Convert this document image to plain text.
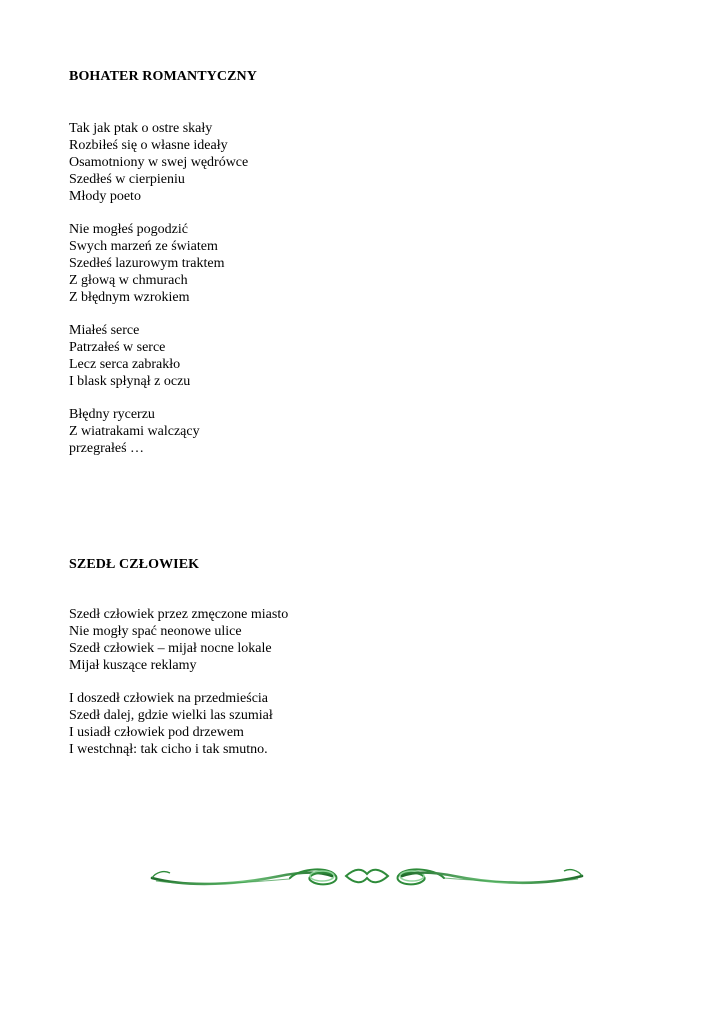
BOHATER ROMANTYCZNY
Tak jak ptak o ostre skały
Rozbiłeś się o własne ideały
Osamotniony w swej wędrówce
Szedłeś w cierpieniu
Młody poeto
Nie mogłeś pogodzić
Swych marzeń ze światem
Szedłeś lazurowym traktem
Z głową w chmurach
Z błędnym wzrokiem
Miałeś serce
Patrzałeś w serce
Lecz serca zabrakło
I blask spłynął z oczu
Błędny rycerzu
Z wiatrakami walczący
przegrałeś …
SZEDŁ CZŁOWIEK
Szedł człowiek przez zmęczone miasto
Nie mogły spać neonowe ulice
Szedł człowiek – mijał nocne lokale
Mijał kuszące reklamy
I doszedł człowiek na przedmieścia
Szedł dalej, gdzie wielki las szumiał
I usiadł człowiek pod drzewem
I westchnął: tak cicho i tak smutno.
